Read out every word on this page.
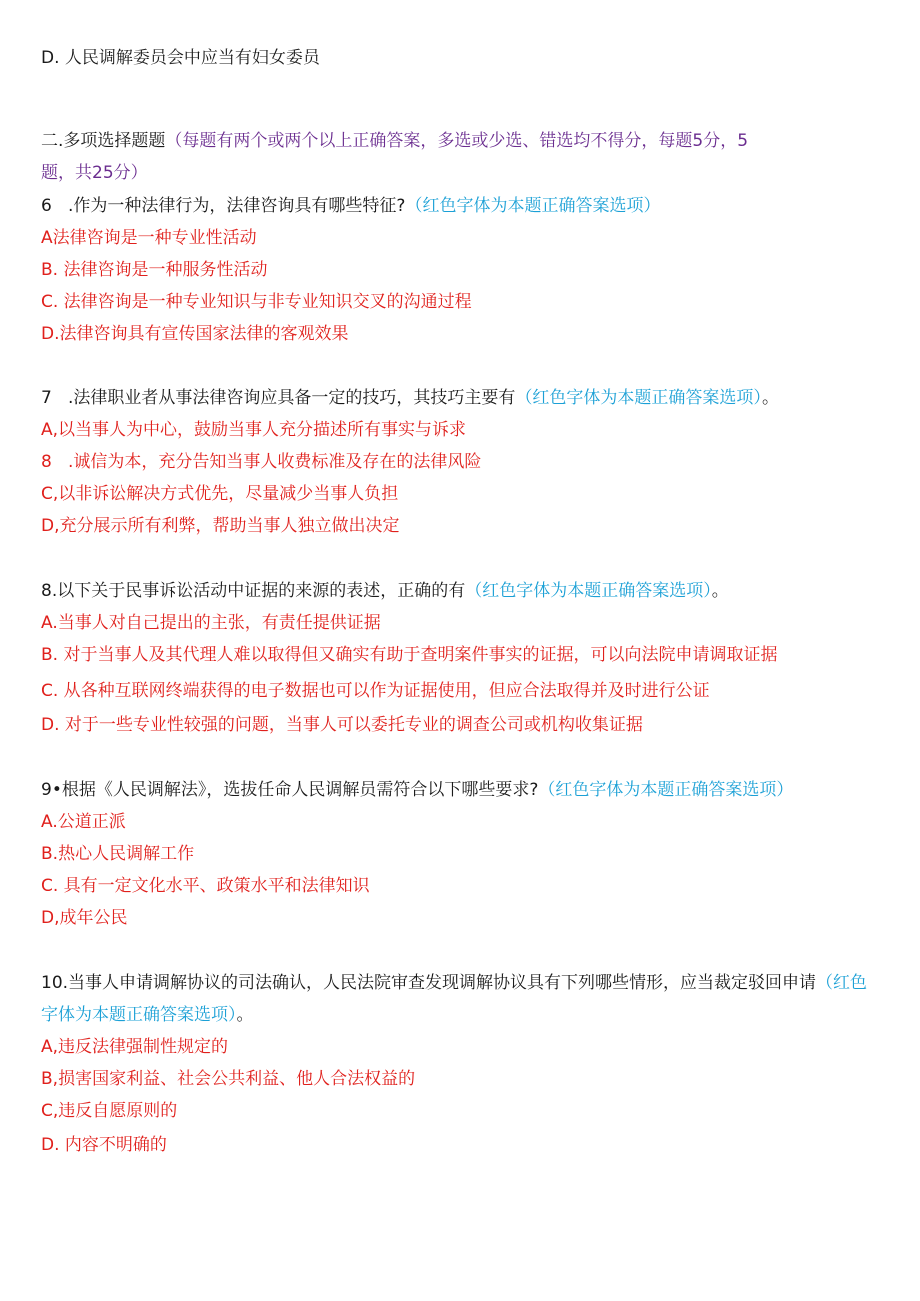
D. 人民调解委员会中应当有妇女委员
二.多项选择题题（每题有两个或两个以上正确答案，多选或少选、错选均不得分，每题5分，5
题，共25分）
6   .作为一种法律行为，法律咨询具有哪些特征?（红色字体为本题正确答案选项）
A法律咨询是一种专业性活动
B. 法律咨询是一种服务性活动
C. 法律咨询是一种专业知识与非专业知识交叉的沟通过程
D.法律咨询具有宣传国家法律的客观效果
7   .法律职业者从事法律咨询应具备一定的技巧，其技巧主要有（红色字体为本题正确答案选项）。
A,以当事人为中心，鼓励当事人充分描述所有事实与诉求
8   .诚信为本，充分告知当事人收费标准及存在的法律风险
C,以非诉讼解决方式优先，尽量减少当事人负担
D,充分展示所有利弊，帮助当事人独立做出决定
8.以下关于民事诉讼活动中证据的来源的表述，正确的有（红色字体为本题正确答案选项）。
A.当事人对自己提出的主张，有责任提供证据
B. 对于当事人及其代理人难以取得但又确实有助于查明案件事实的证据，可以向法院申请调取证据
C. 从各种互联网终端获得的电子数据也可以作为证据使用，但应合法取得并及时进行公证
D. 对于一些专业性较强的问题，当事人可以委托专业的调查公司或机构收集证据
9•根据《人民调解法》，选拔任命人民调解员需符合以下哪些要求?（红色字体为本题正确答案选项）
A.公道正派
B.热心人民调解工作
C. 具有一定文化水平、政策水平和法律知识
D,成年公民
10.当事人申请调解协议的司法确认，人民法院审查发现调解协议具有下列哪些情形，应当裁定驳回申请（红色
字体为本题正确答案选项）。
A,违反法律强制性规定的
B,损害国家利益、社会公共利益、他人合法权益的
C,违反自愿原则的
D. 内容不明确的
